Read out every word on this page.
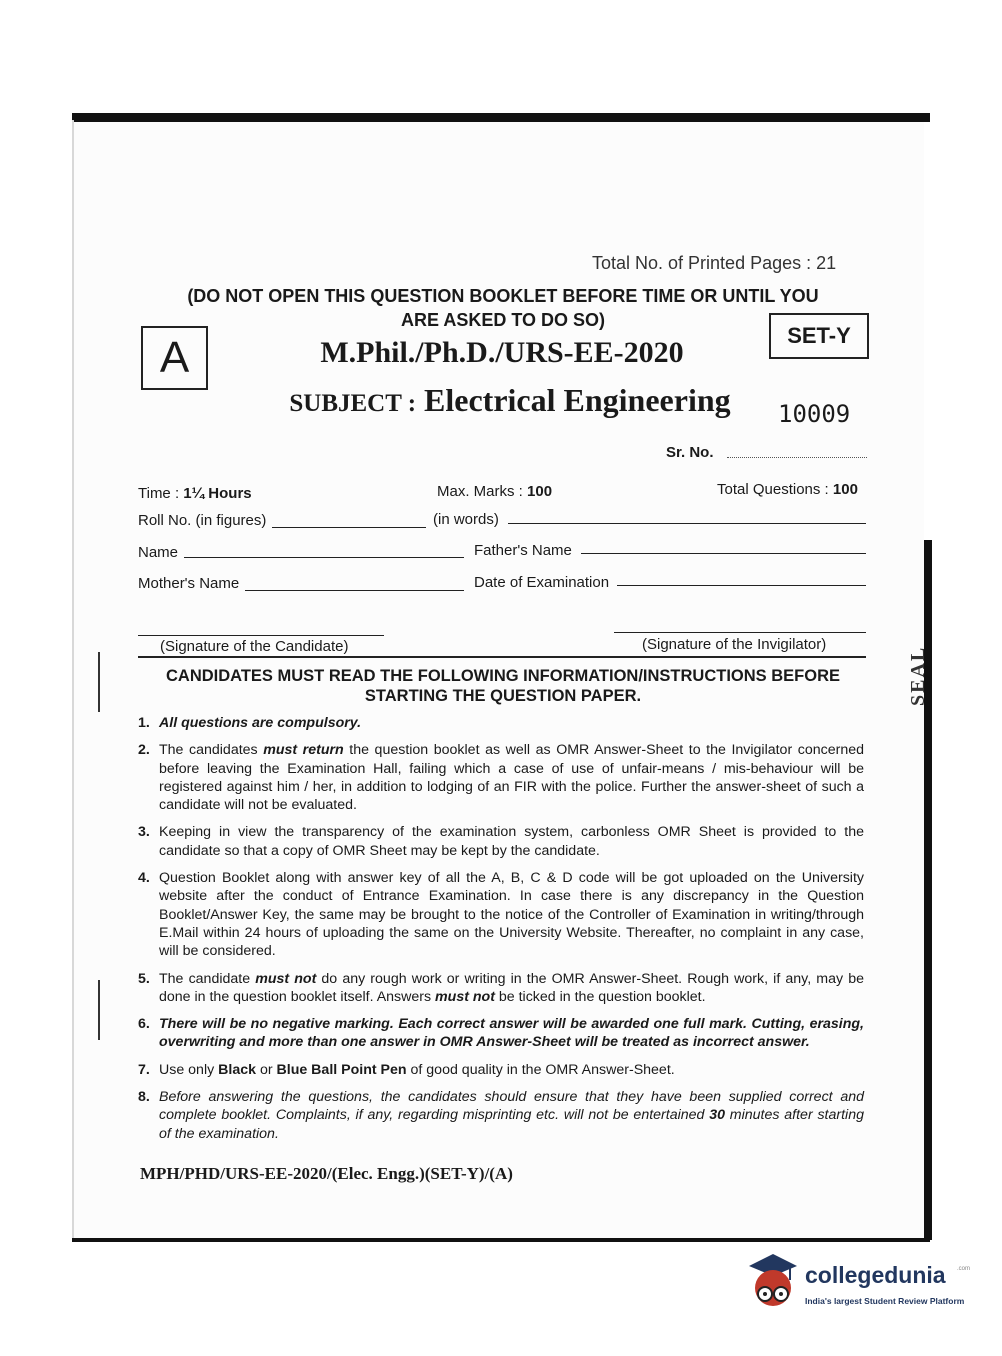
Total No. of Printed Pages : 21
(DO NOT OPEN THIS QUESTION BOOKLET BEFORE TIME OR UNTIL YOU
ARE ASKED TO DO SO)
A	SET-Y
M.Phil./Ph.D./URS-EE-2020
SUBJECT : Electrical Engineering	10009
Sr. No.
Time : 1¼ Hours	Max. Marks : 100	Total Questions : 100
Roll No. (in figures)	(in words)
Name	Father's Name
Mother's Name	Date of Examination
(Signature of the Candidate)	(Signature of the Invigilator)
SEAL
CANDIDATES MUST READ THE FOLLOWING INFORMATION/INSTRUCTIONS BEFORE
STARTING THE QUESTION PAPER.
1. All questions are compulsory.
2. The candidates must return the question booklet as well as OMR Answer-Sheet to the Invigilator concerned before leaving the Examination Hall, failing which a case of use of unfair-means / mis-behaviour will be registered against him / her, in addition to lodging of an FIR with the police. Further the answer-sheet of such a candidate will not be evaluated.
3. Keeping in view the transparency of the examination system, carbonless OMR Sheet is provided to the candidate so that a copy of OMR Sheet may be kept by the candidate.
4. Question Booklet along with answer key of all the A, B, C & D code will be got uploaded on the University website after the conduct of Entrance Examination. In case there is any discrepancy in the Question Booklet/Answer Key, the same may be brought to the notice of the Controller of Examination in writing/through E.Mail within 24 hours of uploading the same on the University Website. Thereafter, no complaint in any case, will be considered.
5. The candidate must not do any rough work or writing in the OMR Answer-Sheet. Rough work, if any, may be done in the question booklet itself. Answers must not be ticked in the question booklet.
6. There will be no negative marking. Each correct answer will be awarded one full mark. Cutting, erasing, overwriting and more than one answer in OMR Answer-Sheet will be treated as incorrect answer.
7. Use only Black or Blue Ball Point Pen of good quality in the OMR Answer-Sheet.
8. Before answering the questions, the candidates should ensure that they have been supplied correct and complete booklet. Complaints, if any, regarding misprinting etc. will not be entertained 30 minutes after starting of the examination.
MPH/PHD/URS-EE-2020/(Elec. Engg.)(SET-Y)/(A)
collegedunia .com
India's largest Student Review Platform
